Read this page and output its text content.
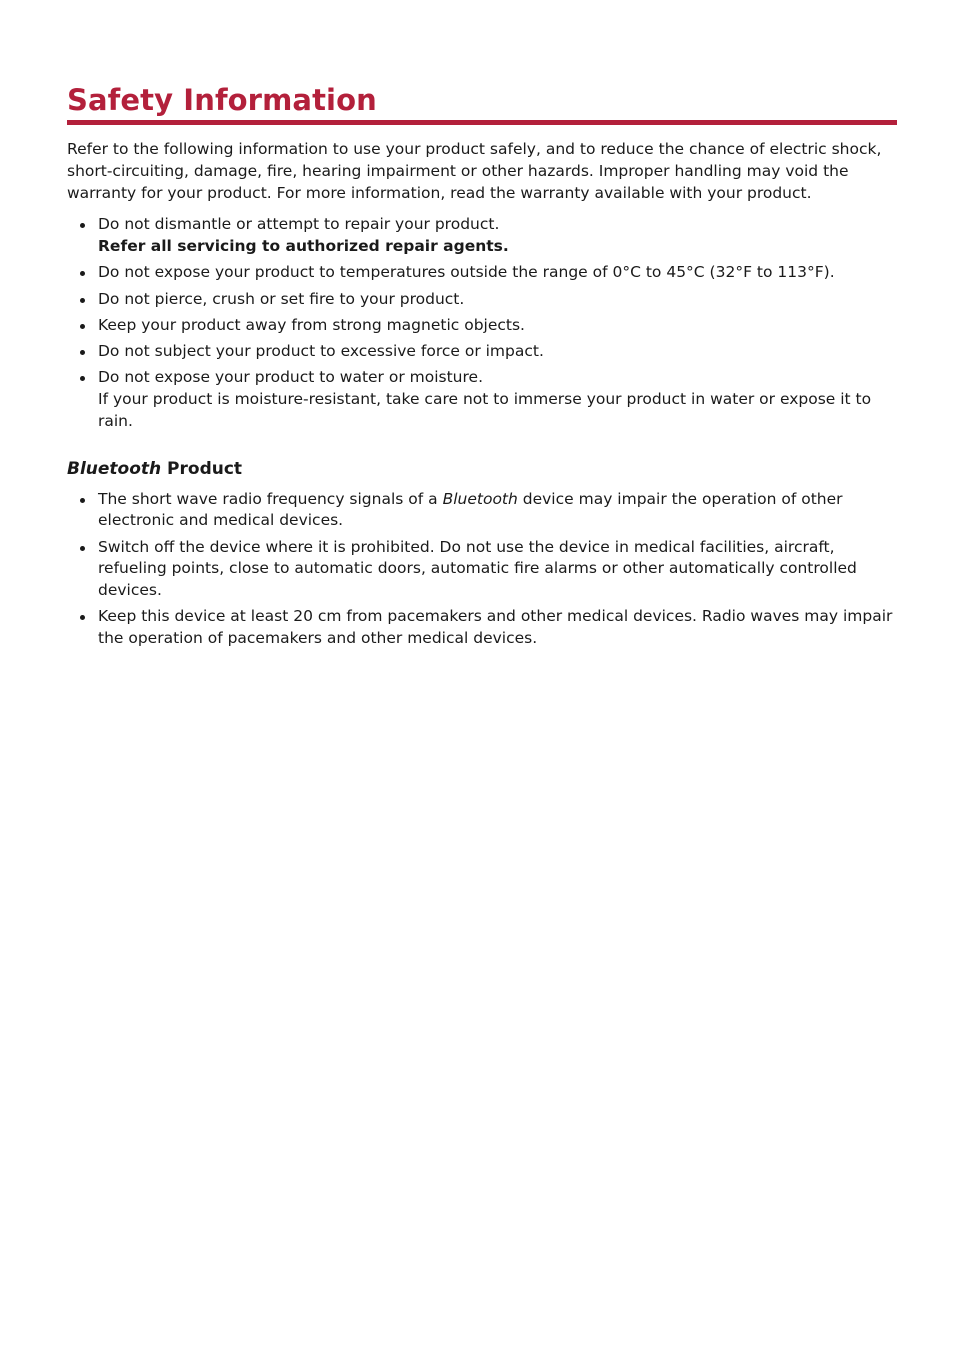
Safety Information

Refer to the following information to use your product safely, and to reduce the chance of electric shock, short-circuiting, damage, fire, hearing impairment or other hazards. Improper handling may void the warranty for your product. For more information, read the warranty available with your product.

Do not dismantle or attempt to repair your product.
Refer all servicing to authorized repair agents.
Do not expose your product to temperatures outside the range of 0°C to 45°C (32°F to 113°F).
Do not pierce, crush or set fire to your product.
Keep your product away from strong magnetic objects.
Do not subject your product to excessive force or impact.
Do not expose your product to water or moisture.
If your product is moisture-resistant, take care not to immerse your product in water or expose it to rain.
Bluetooth Product
The short wave radio frequency signals of a Bluetooth device may impair the operation of other electronic and medical devices.
Switch off the device where it is prohibited. Do not use the device in medical facilities, aircraft, refueling points, close to automatic doors, automatic fire alarms or other automatically controlled devices.
Keep this device at least 20 cm from pacemakers and other medical devices. Radio waves may impair the operation of pacemakers and other medical devices.
